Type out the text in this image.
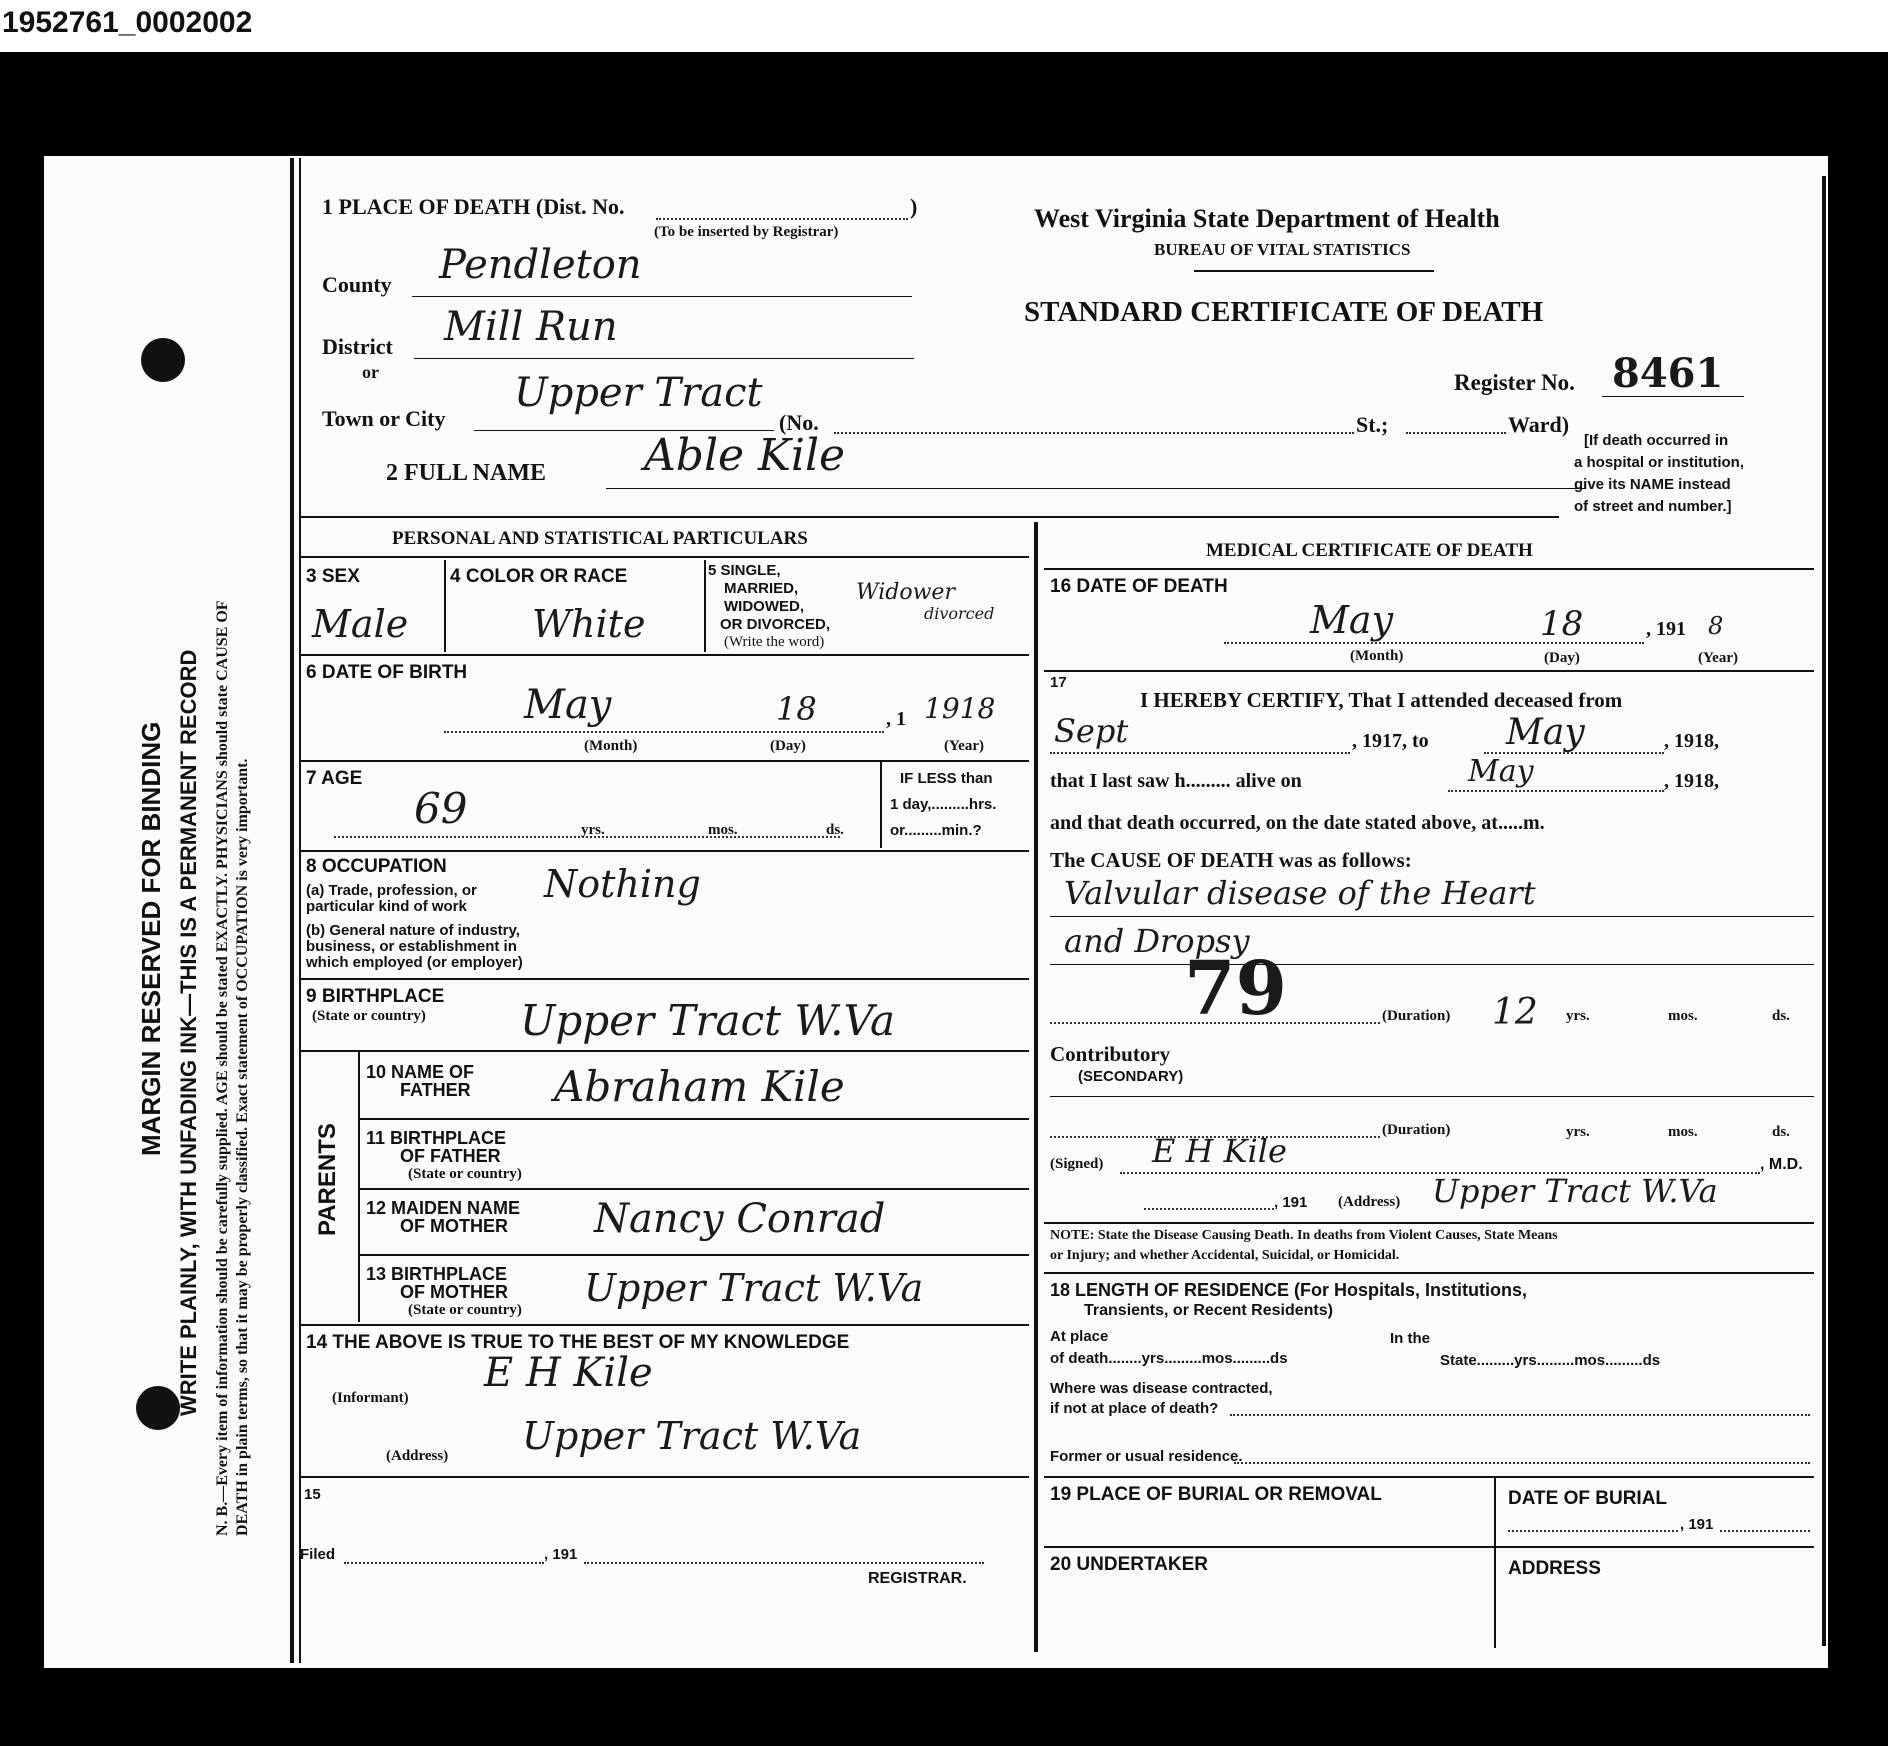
1952761_0002002
MARGIN RESERVED FOR BINDING WRITE PLAINLY, WITH UNFADING INK—THIS IS A PERMANENT RECORD N. B.—Every item of information should be carefully supplied. AGE should be stated EXACTLY. PHYSICIANS should state CAUSE OF DEATH in plain terms, so that it may be properly classified. Exact statement of OCCUPATION is very important.
1 PLACE OF DEATH (Dist. No.	)
(To be inserted by Registrar)
County Pendleton
District Mill Run
or
Town or City
Upper Tract
(No.	St.;	Ward)
2 FULL NAME Able Kile
West Virginia State Department of Health
BUREAU OF VITAL STATISTICS
STANDARD CERTIFICATE OF DEATH
Register No. 8461
[If death occurred in
a hospital or institution,
give its NAME instead
of street and number.]
PERSONAL AND STATISTICAL PARTICULARS
3 SEX
Male
4 COLOR OR RACE
White
5 SINGLE,
MARRIED,
WIDOWED,
OR DIVORCED,
(Write the word)
Widower
divorced
6 DATE OF BIRTH
May	18	1918
, 1
(Month)	(Day)	(Year)
7 AGE
69	yrs.	mos.	ds.
IF LESS than
1 day,.........hrs.
or.........min.?
8 OCCUPATION
(a) Trade, profession, or
particular kind of work
Nothing
(b) General nature of industry,
business, or establishment in
which employed (or employer)
9 BIRTHPLACE
(State or country) Upper Tract W.Va
PARENTS
10 NAME OF
FATHER Abraham Kile
11 BIRTHPLACE
OF FATHER
(State or country)
12 MAIDEN NAME
OF MOTHER Nancy Conrad
13 BIRTHPLACE
OF MOTHER
(State or country) Upper Tract W.Va
14 THE ABOVE IS TRUE TO THE BEST OF MY KNOWLEDGE
(Informant)
E H Kile
(Address) Upper Tract W.Va
15
Filed	, 191
REGISTRAR.
MEDICAL CERTIFICATE OF DEATH
16 DATE OF DEATH
May	18	, 191 8
(Month)	(Day)	(Year)
17
I HEREBY CERTIFY, That I attended deceased from
Sept	, 1917, to May	, 1918,
that I last saw h......... alive on	May	, 1918,
and that death occurred, on the date stated above, at.....m.
The CAUSE OF DEATH was as follows:
Valvular disease of the Heart
and Dropsy
79	(Duration) 12 yrs.	mos.	ds.
Contributory
(SECONDARY)
(Duration)	yrs.	mos.	ds.
(Signed) E H Kile	, M.D.
, 191 (Address) Upper Tract W.Va
NOTE: State the Disease Causing Death. In deaths from Violent Causes, State Means
or Injury; and whether Accidental, Suicidal, or Homicidal.
18 LENGTH OF RESIDENCE (For Hospitals, Institutions,
Transients, or Recent Residents)
At place
of death........yrs.........mos.........ds
In the
State.........yrs.........mos.........ds
Where was disease contracted,
if not at place of death?
Former or usual residence.
19 PLACE OF BURIAL OR REMOVAL	DATE OF BURIAL
, 191
20 UNDERTAKER	ADDRESS
